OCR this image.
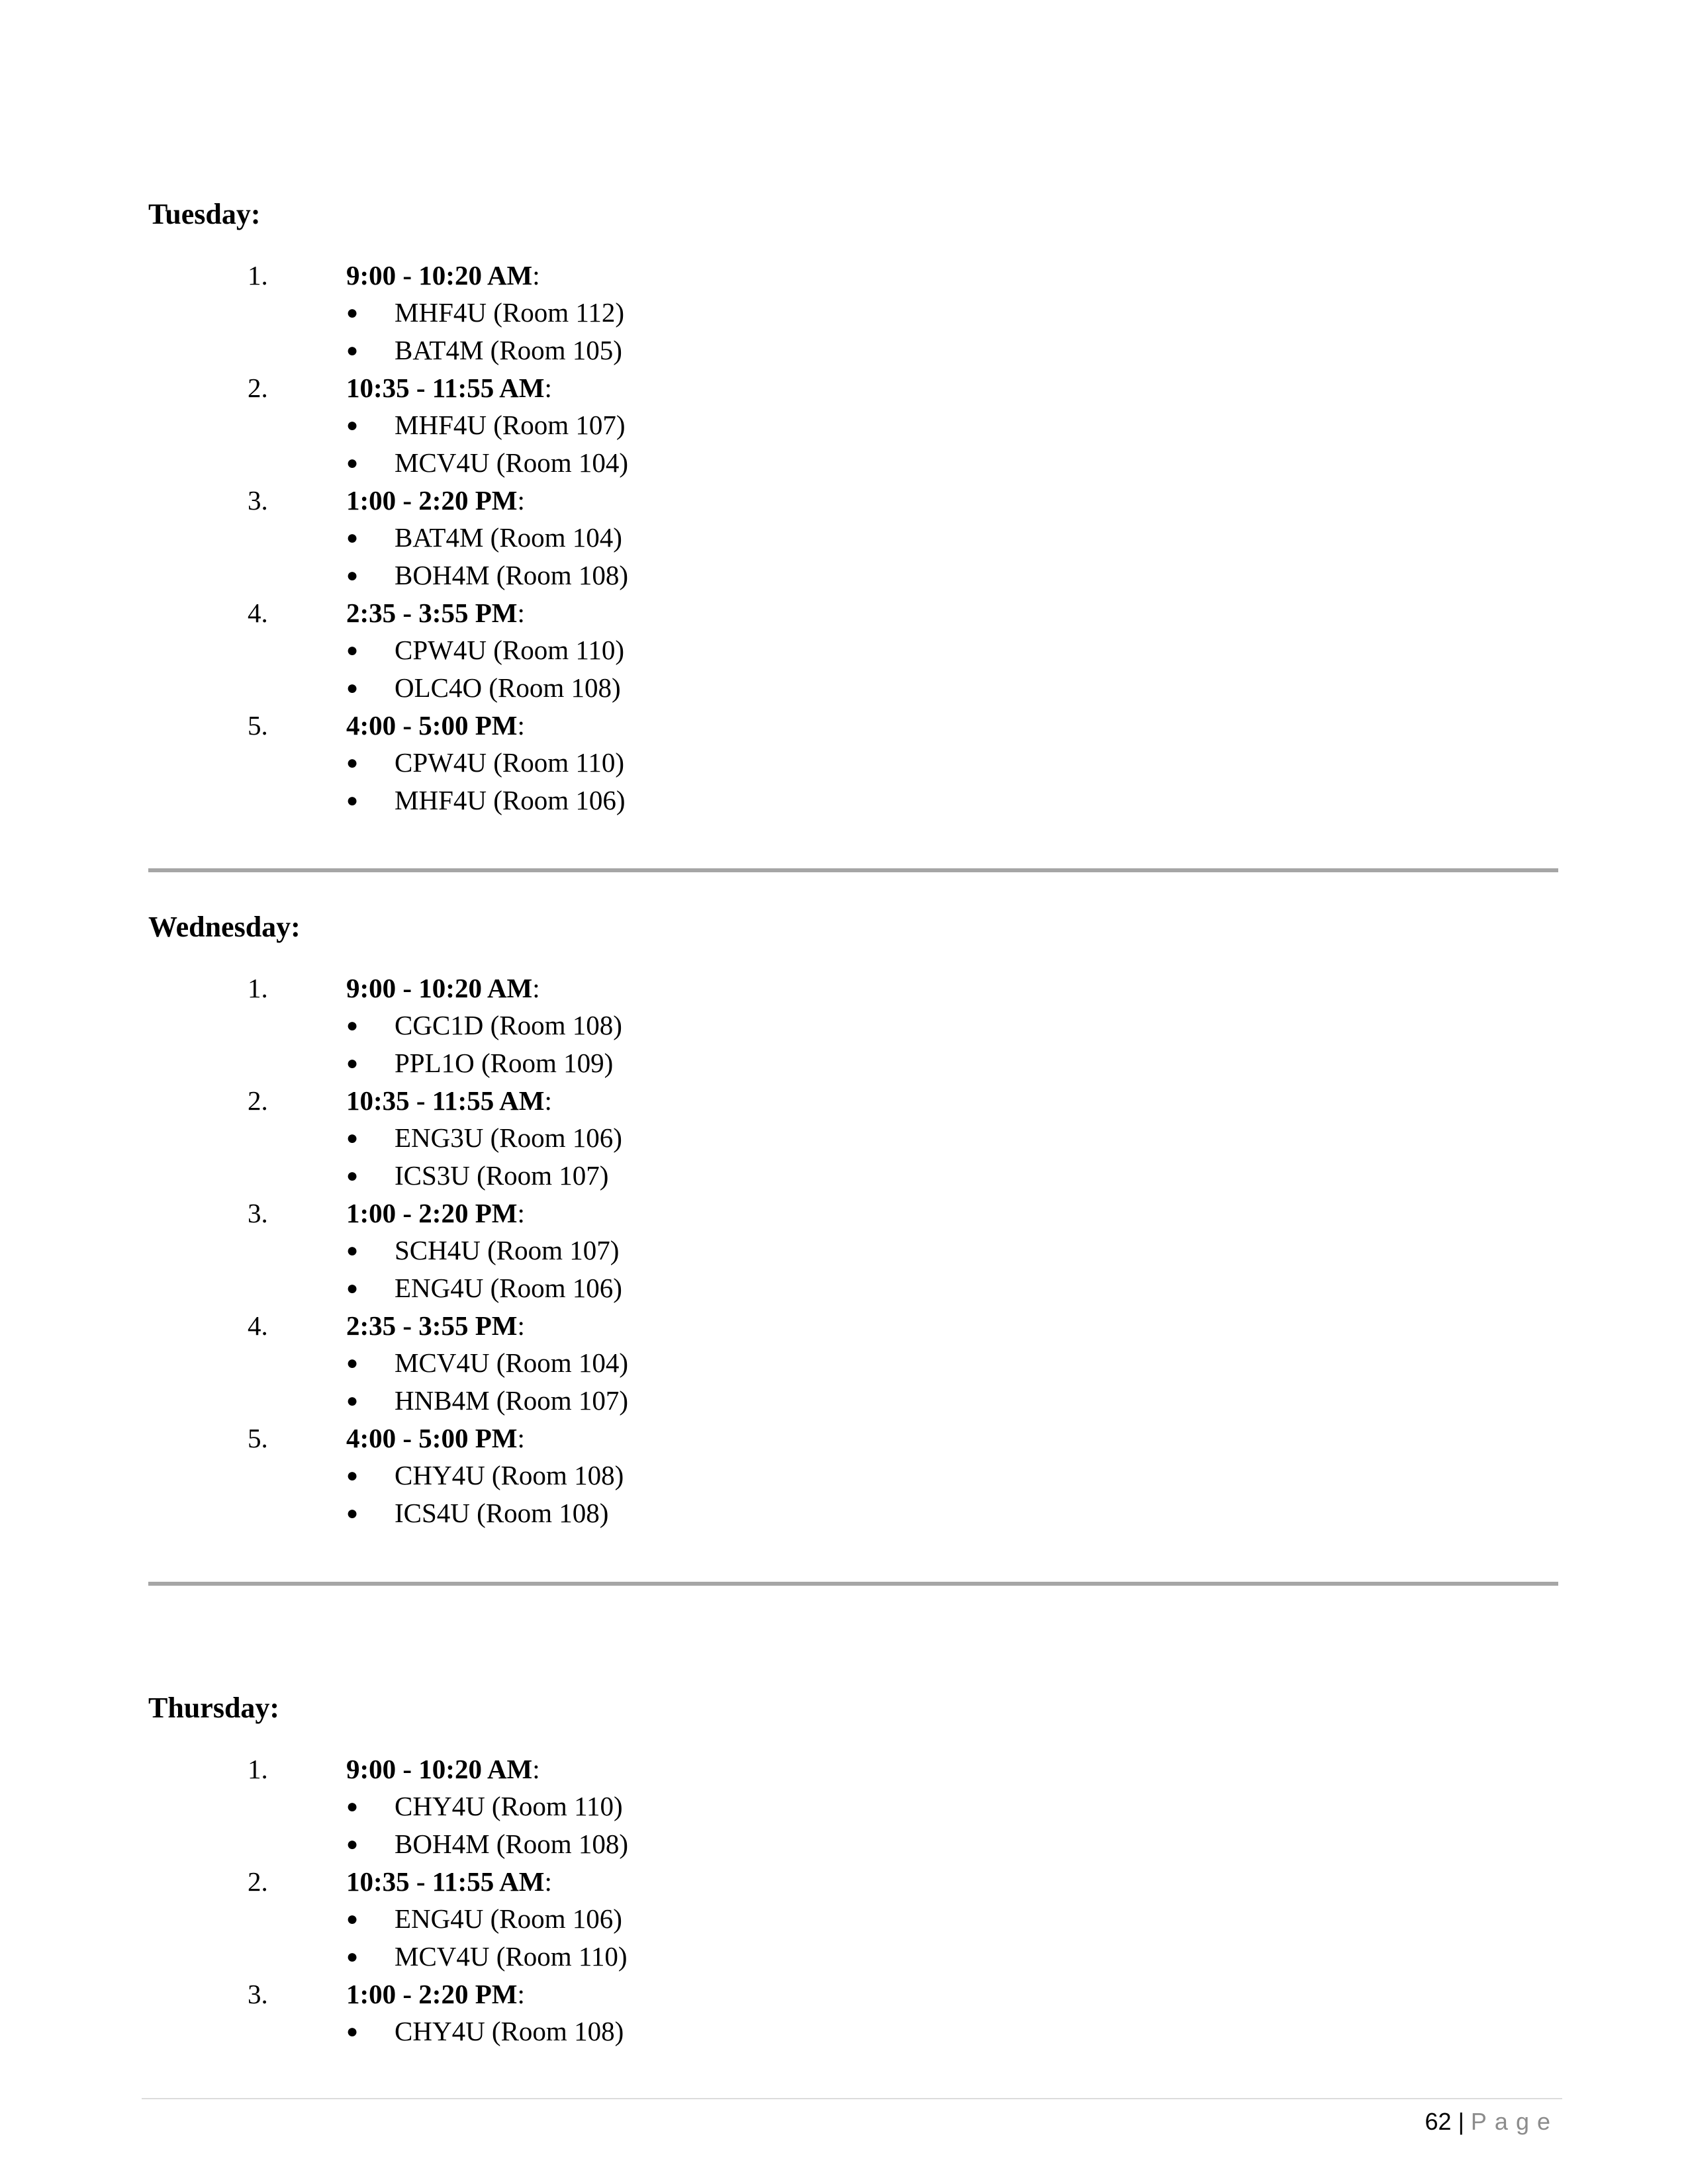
Tuesday:
1.	9:00 - 10:20 AM:
● MHF4U (Room 112)
● BAT4M (Room 105)
2.	10:35 - 11:55 AM:
● MHF4U (Room 107)
● MCV4U (Room 104)
3.	1:00 - 2:20 PM:
● BAT4M (Room 104)
● BOH4M (Room 108)
4.	2:35 - 3:55 PM:
● CPW4U (Room 110)
● OLC4O (Room 108)
5.	4:00 - 5:00 PM:
● CPW4U (Room 110)
● MHF4U (Room 106)
Wednesday:
1.	9:00 - 10:20 AM:
● CGC1D (Room 108)
● PPL1O (Room 109)
2.	10:35 - 11:55 AM:
● ENG3U (Room 106)
● ICS3U (Room 107)
3.	1:00 - 2:20 PM:
● SCH4U (Room 107)
● ENG4U (Room 106)
4.	2:35 - 3:55 PM:
● MCV4U (Room 104)
● HNB4M (Room 107)
5.	4:00 - 5:00 PM:
● CHY4U (Room 108)
● ICS4U (Room 108)
Thursday:
1.	9:00 - 10:20 AM:
● CHY4U (Room 110)
● BOH4M (Room 108)
2.	10:35 - 11:55 AM:
● ENG4U (Room 106)
● MCV4U (Room 110)
3.	1:00 - 2:20 PM:
● CHY4U (Room 108)
62 | Page
